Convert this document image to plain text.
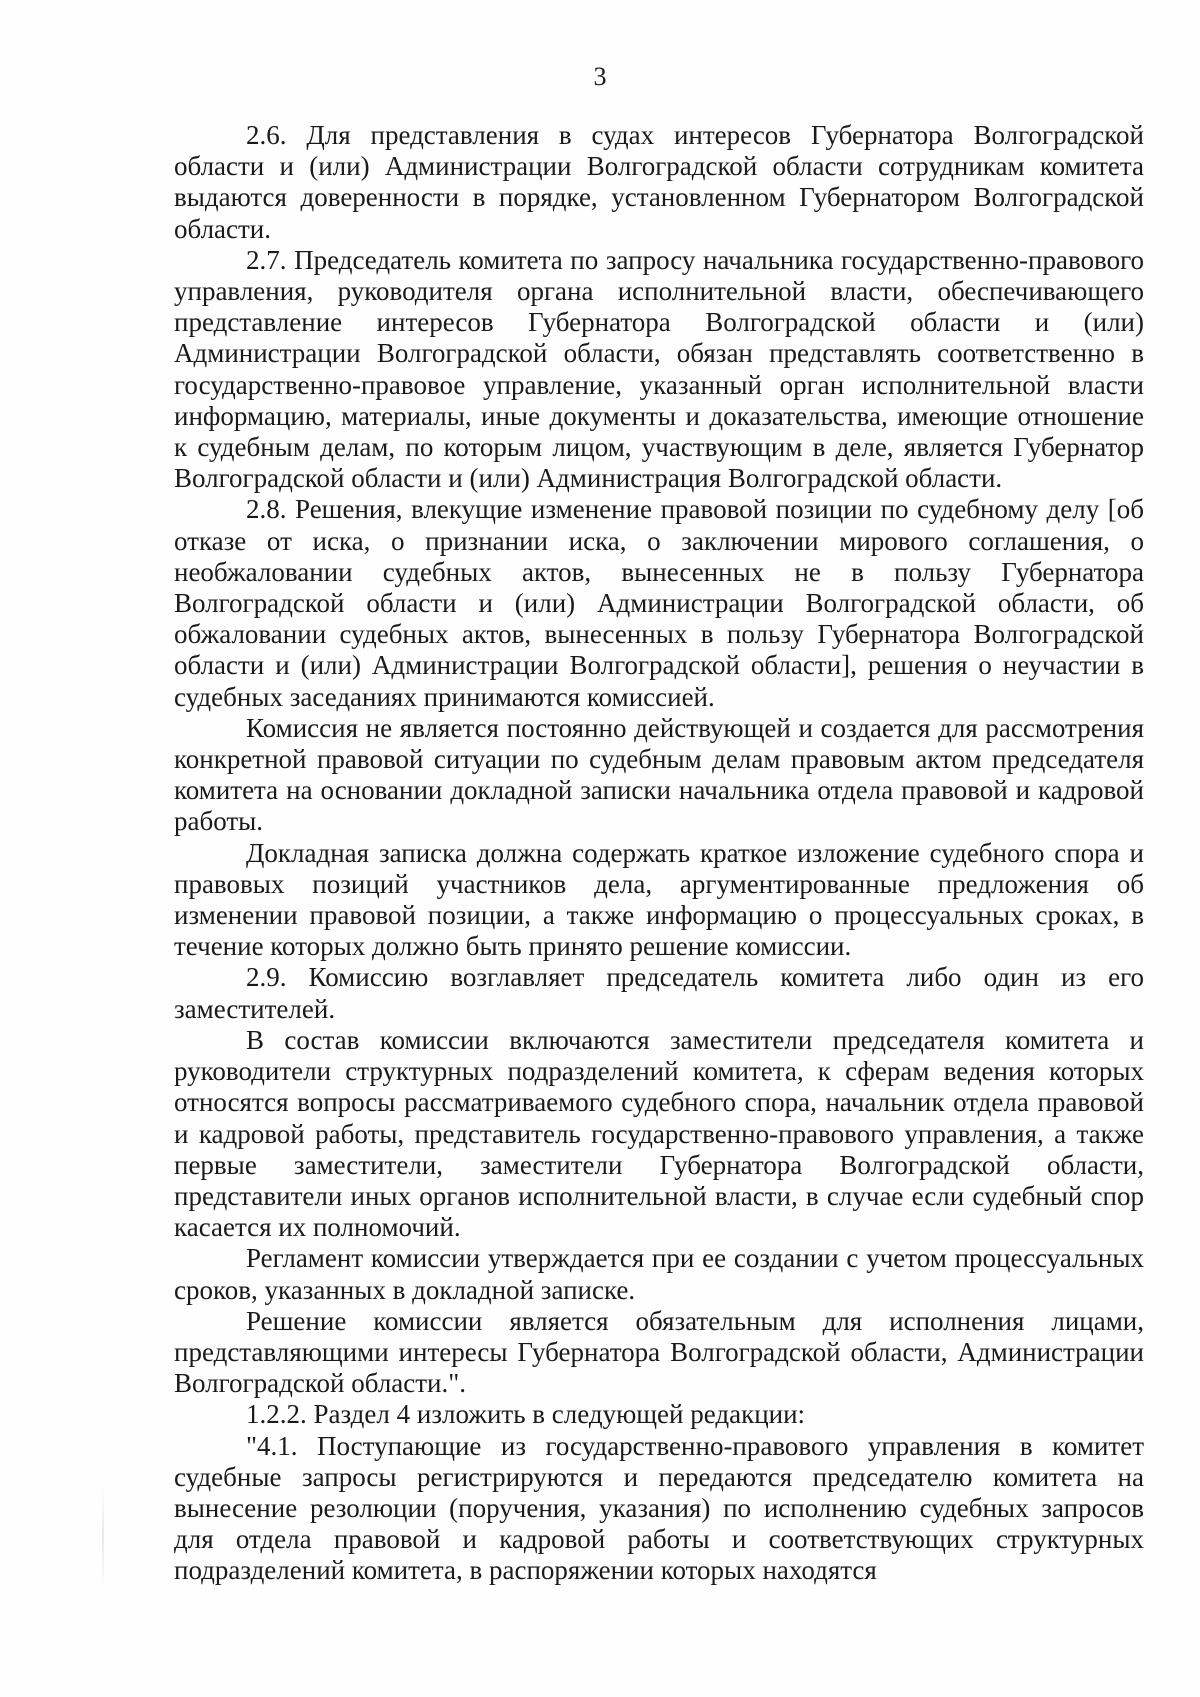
3

2.6. Для представления в судах интересов Губернатора Волгоградской области и (или) Администрации Волгоградской области сотрудникам комитета выдаются доверенности в порядке, установленном Губернатором Волгоградской области.

2.7. Председатель комитета по запросу начальника государственно-правового управления, руководителя органа исполнительной власти, обеспечивающего представление интересов Губернатора Волгоградской области и (или) Администрации Волгоградской области, обязан представлять соответственно в государственно-правовое управление, указанный орган исполнительной власти информацию, материалы, иные документы и доказательства, имеющие отношение к судебным делам, по которым лицом, участвующим в деле, является Губернатор Волгоградской области и (или) Администрация Волгоградской области.

2.8. Решения, влекущие изменение правовой позиции по судебному делу [об отказе от иска, о признании иска, о заключении мирового соглашения, о необжаловании судебных актов, вынесенных не в пользу Губернатора Волгоградской области и (или) Администрации Волгоградской области, об обжаловании судебных актов, вынесенных в пользу Губернатора Волгоградской области и (или) Администрации Волгоградской области], решения о неучастии в судебных заседаниях принимаются комиссией.

Комиссия не является постоянно действующей и создается для рассмотрения конкретной правовой ситуации по судебным делам правовым актом председателя комитета на основании докладной записки начальника отдела правовой и кадровой работы.

Докладная записка должна содержать краткое изложение судебного спора и правовых позиций участников дела, аргументированные предложения об изменении правовой позиции, а также информацию о процессуальных сроках, в течение которых должно быть принято решение комиссии.

2.9. Комиссию возглавляет председатель комитета либо один из его заместителей.

В состав комиссии включаются заместители председателя комитета и руководители структурных подразделений комитета, к сферам ведения которых относятся вопросы рассматриваемого судебного спора, начальник отдела правовой и кадровой работы, представитель государственно-правового управления, а также первые заместители, заместители Губернатора Волгоградской области, представители иных органов исполнительной власти, в случае если судебный спор касается их полномочий.

Регламент комиссии утверждается при ее создании с учетом процессуальных сроков, указанных в докладной записке.

Решение комиссии является обязательным для исполнения лицами, представляющими интересы Губернатора Волгоградской области, Администрации Волгоградской области.".

1.2.2. Раздел 4 изложить в следующей редакции:

"4.1. Поступающие из государственно-правового управления в комитет судебные запросы регистрируются и передаются председателю комитета на вынесение резолюции (поручения, указания) по исполнению судебных запросов для отдела правовой и кадровой работы и соответствующих структурных подразделений комитета, в распоряжении которых находятся
